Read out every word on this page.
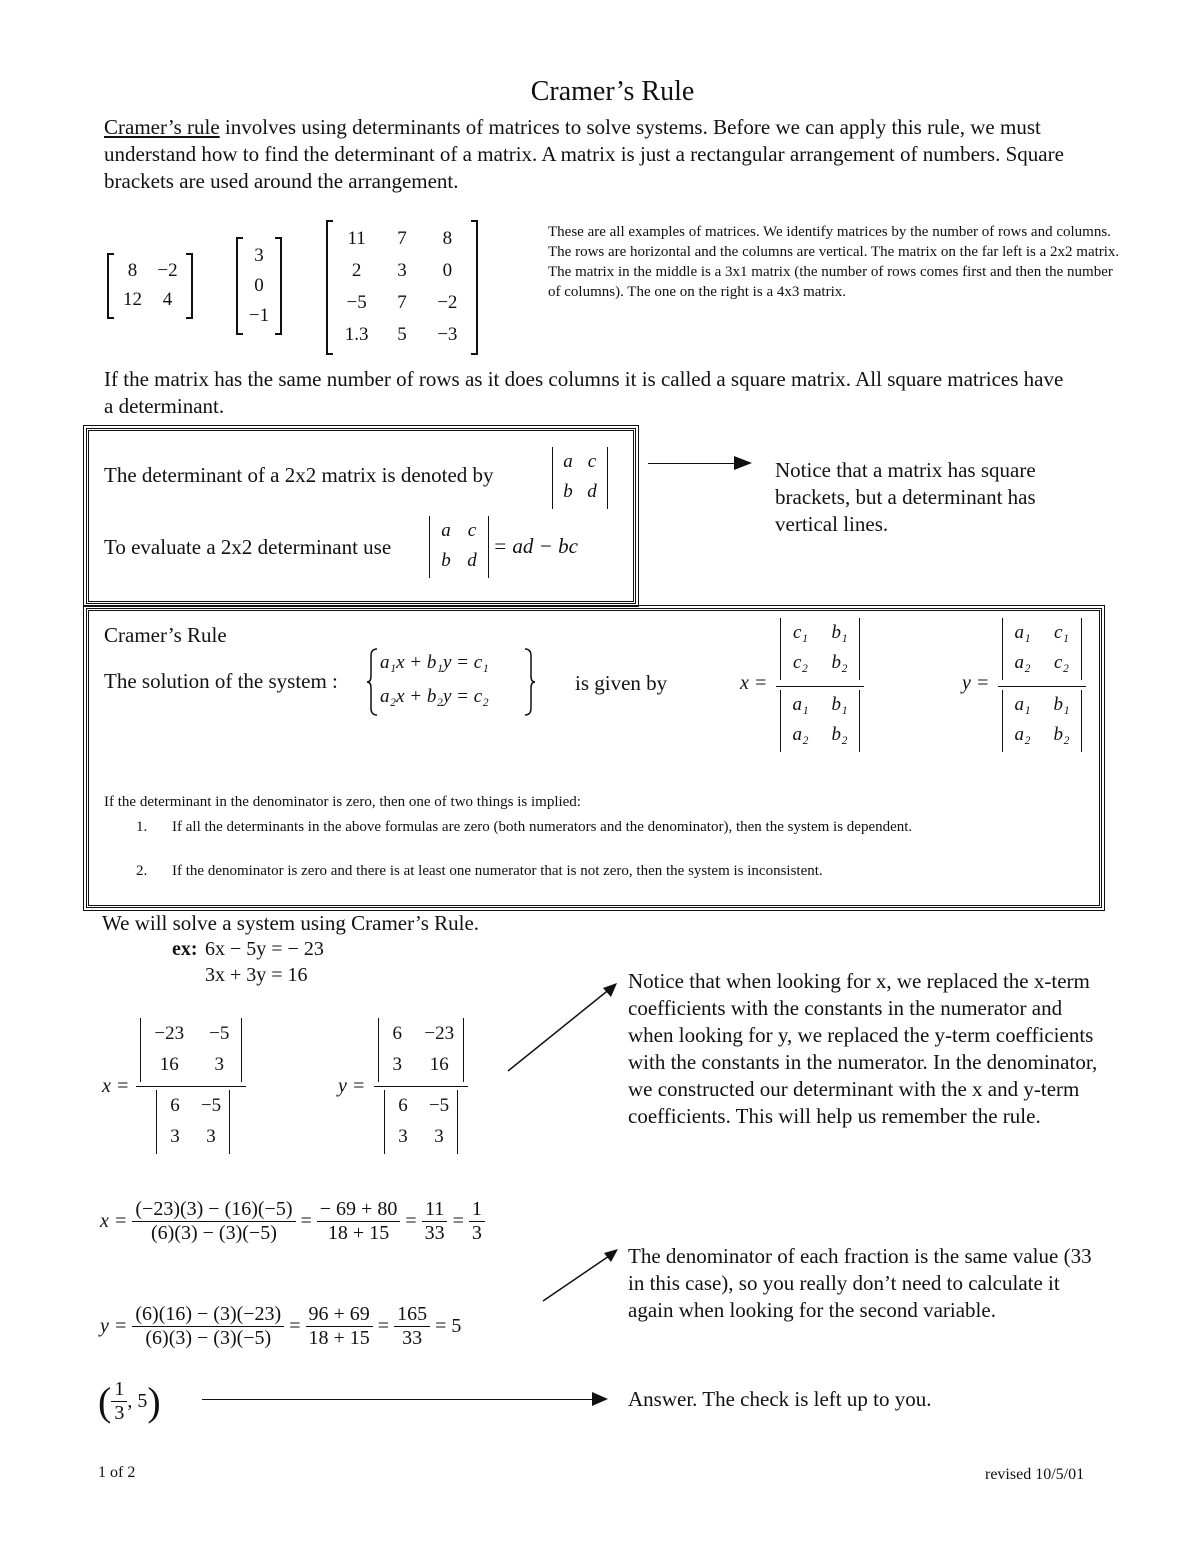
Cramer’s Rule
Cramer’s rule involves using determinants of matrices to solve systems. Before we can apply this rule, we must understand how to find the determinant of a matrix. A matrix is just a rectangular arrangement of numbers. Square brackets are used around the arrangement.
8	−2
12	4
3
0
−1
11	7	8
2	3	0
−5	7	−2
1.3	5	−3
These are all examples of matrices. We identify matrices by the number of rows and columns. The rows are horizontal and the columns are vertical. The matrix on the far left is a 2x2 matrix. The matrix in the middle is a 3x1 matrix (the number of rows comes first and then the number of columns). The one on the right is a 4x3 matrix.
If the matrix has the same number of rows as it does columns it is called a square matrix. All square matrices have a determinant.
The determinant of a 2x2 matrix is denoted by
a c
b d
To evaluate a 2x2 determinant use
a c
b d
= ad − bc
Notice that a matrix has square brackets, but a determinant has vertical lines.
Cramer’s Rule
The solution of the system :
a₁x + b₁y = c₁
a₂x + b₂y = c₂
is given by	x =
c₁	b₁
c₂	b₂
a₁	b₁
a₂	b₂
y =
a₁	c₁
a₂	c₂
a₁	b₁
a₂	b₂
If the determinant in the denominator is zero, then one of two things is implied:
1. If all the determinants in the above formulas are zero (both numerators and the denominator), then the system is dependent.
2. If the denominator is zero and there is at least one numerator that is not zero, then the system is inconsistent.
We will solve a system using Cramer’s Rule.
ex: 6x − 5y = − 23
3x + 3y = 16
x =
−23	−5
16	3
6	−5
3	3
y =
6	−23
3	16
6	−5
3	3
Notice that when looking for x, we replaced the x-term coefficients with the constants in the numerator and when looking for y, we replaced the y-term coefficients with the constants in the numerator. In the denominator, we constructed our determinant with the x and y-term coefficients. This will help us remember the rule.
$x = \frac{(-23)(3) - (16)(-5)}{(6)(3) - (3)(-5)} = \frac{- 69 + 80}{18 + 15} = \frac{11}{33} = \frac{1}{3}$
The denominator of each fraction is the same value (33 in this case), so you really don’t need to calculate it again when looking for the second variable.
$y = \frac{(6)(16) - (3)(-23)}{(6)(3) - (3)(-5)} = \frac{96 + 69}{18 + 15} = \frac{165}{33} = 5$
( $\frac{1}{3}$ , 5)	Answer. The check is left up to you.
1 of 2	revised 10/5/01
